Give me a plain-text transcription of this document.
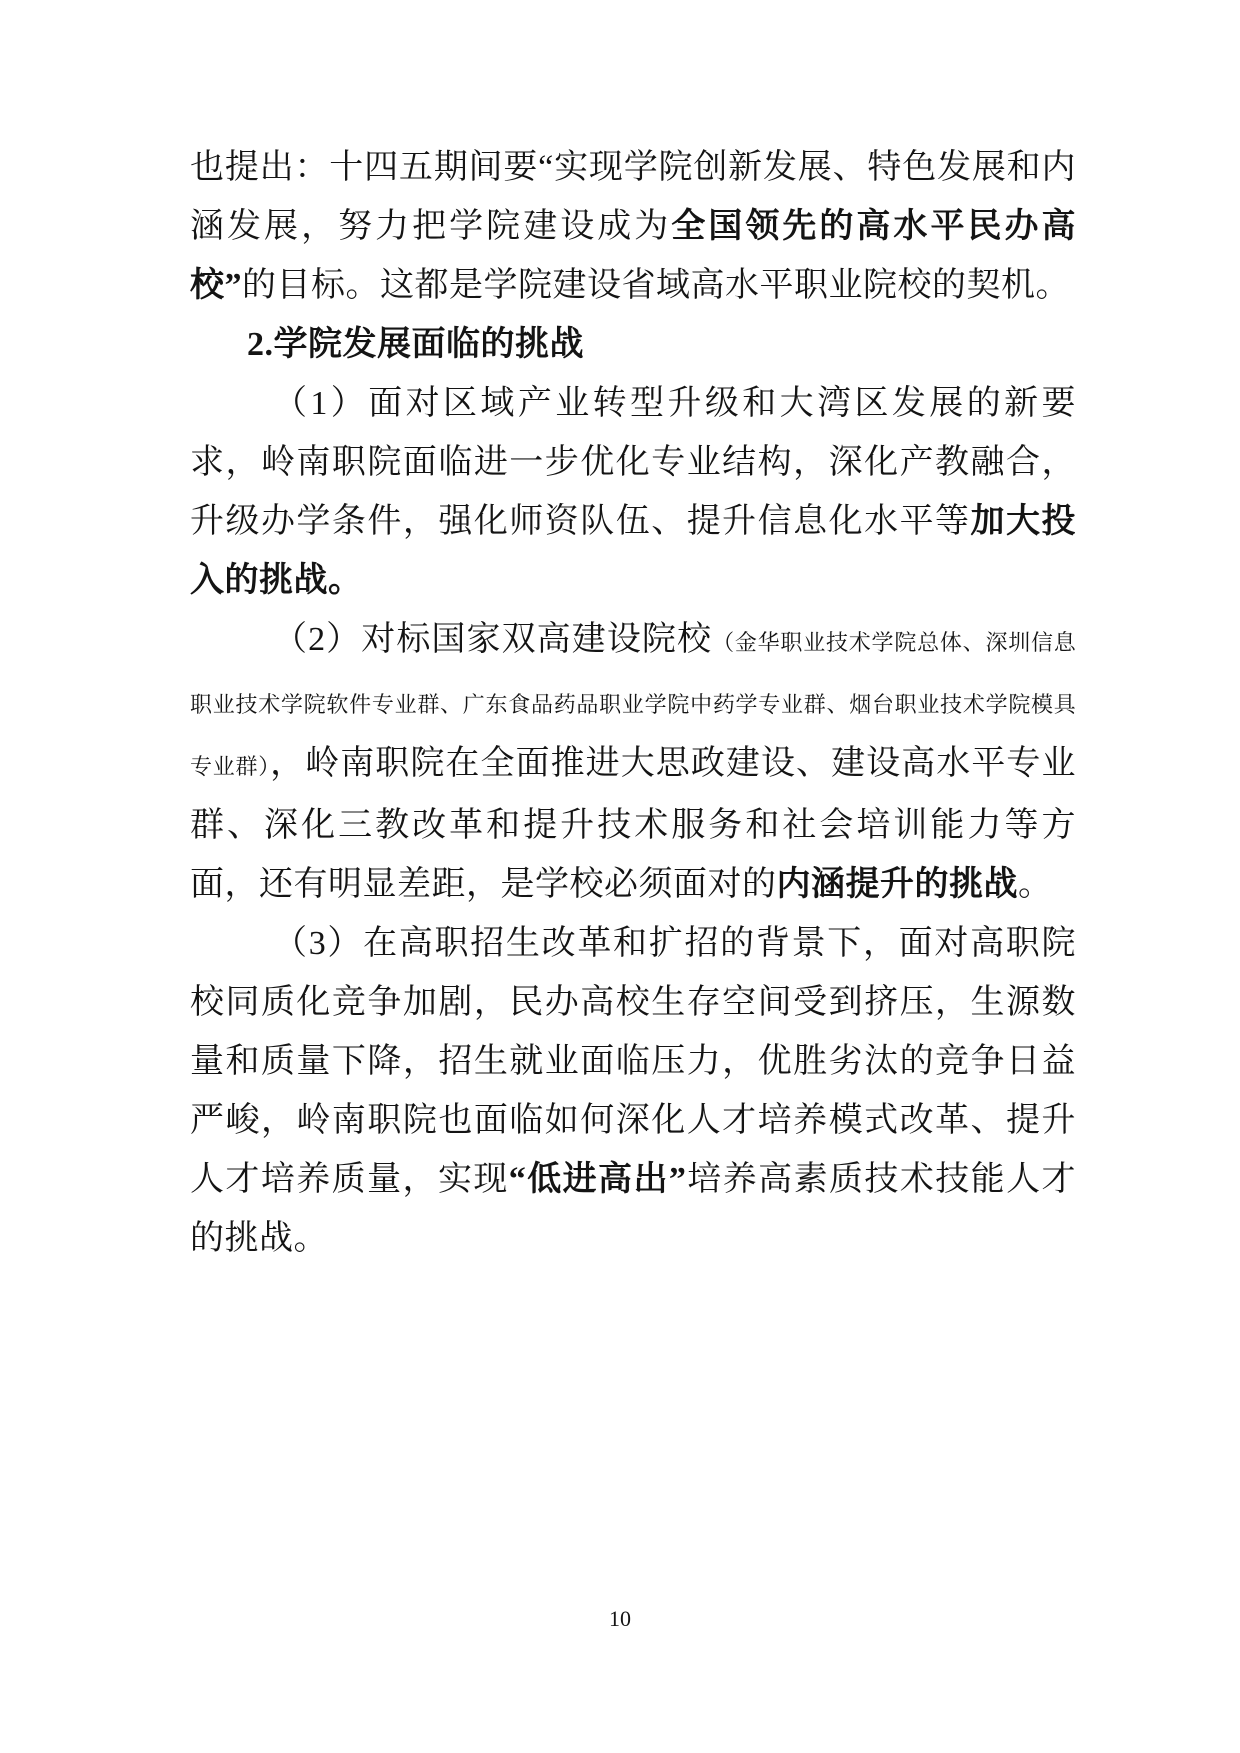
也提出：十四五期间要“实现学院创新发展、特色发展和内涵发展，努力把学院建设成为全国领先的高水平民办高校”的目标。这都是学院建设省域高水平职业院校的契机。

2.学院发展面临的挑战

（1）面对区域产业转型升级和大湾区发展的新要求，岭南职院面临进一步优化专业结构，深化产教融合，升级办学条件，强化师资队伍、提升信息化水平等加大投入的挑战。

（2）对标国家双高建设院校（金华职业技术学院总体、深圳信息职业技术学院软件专业群、广东食品药品职业学院中药学专业群、烟台职业技术学院模具专业群），岭南职院在全面推进大思政建设、建设高水平专业群、深化三教改革和提升技术服务和社会培训能力等方面，还有明显差距，是学校必须面对的内涵提升的挑战。

（3）在高职招生改革和扩招的背景下，面对高职院校同质化竞争加剧，民办高校生存空间受到挤压，生源数量和质量下降，招生就业面临压力，优胜劣汰的竞争日益严峻，岭南职院也面临如何深化人才培养模式改革、提升人才培养质量，实现“低进高出”培养高素质技术技能人才的挑战。

10
